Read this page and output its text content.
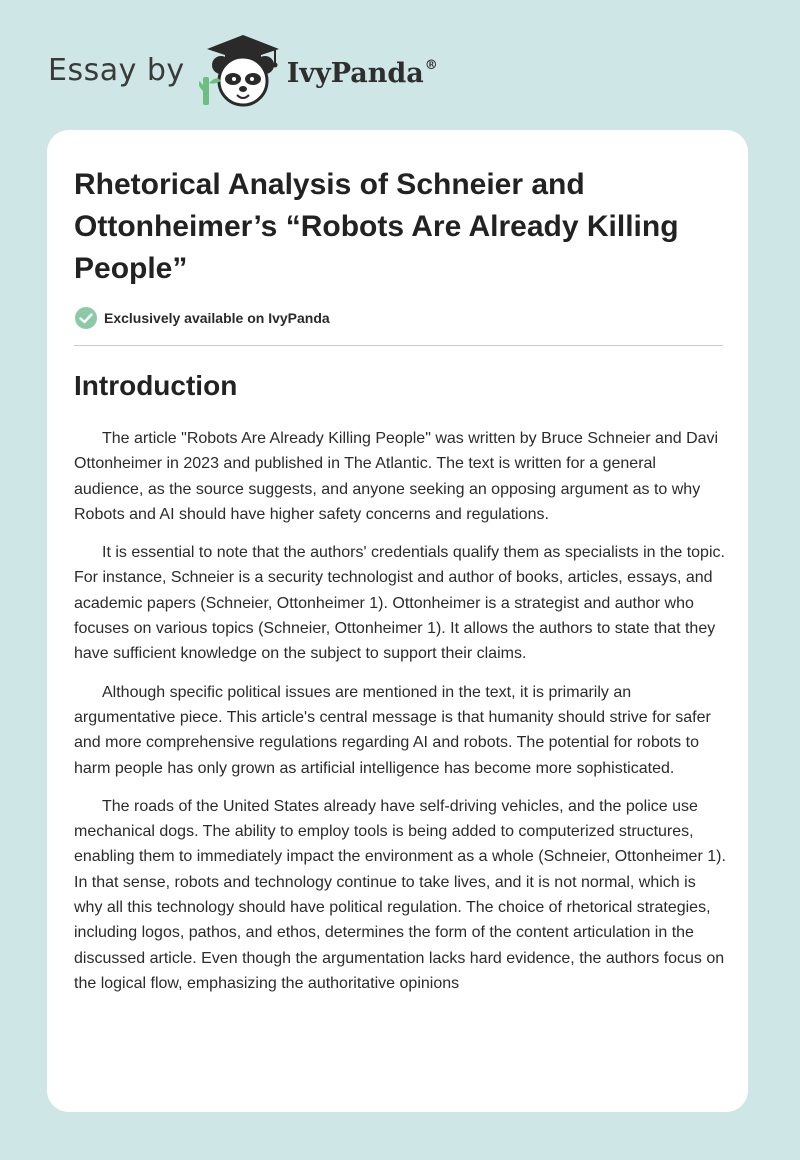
Essay by	IvyPanda®
Rhetorical Analysis of Schneier and Ottonheimer’s “Robots Are Already Killing People”
Exclusively available on IvyPanda
Introduction

The article "Robots Are Already Killing People" was written by Bruce Schneier and Davi Ottonheimer in 2023 and published in The Atlantic. The text is written for a general audience, as the source suggests, and anyone seeking an opposing argument as to why Robots and AI should have higher safety concerns and regulations.

It is essential to note that the authors' credentials qualify them as specialists in the topic. For instance, Schneier is a security technologist and author of books, articles, essays, and academic papers (Schneier, Ottonheimer 1). Ottonheimer is a strategist and author who focuses on various topics (Schneier, Ottonheimer 1). It allows the authors to state that they have sufficient knowledge on the subject to support their claims.

Although specific political issues are mentioned in the text, it is primarily an argumentative piece. This article's central message is that humanity should strive for safer and more comprehensive regulations regarding AI and robots. The potential for robots to harm people has only grown as artificial intelligence has become more sophisticated.

The roads of the United States already have self-driving vehicles, and the police use mechanical dogs. The ability to employ tools is being added to computerized structures, enabling them to immediately impact the environment as a whole (Schneier, Ottonheimer 1). In that sense, robots and technology continue to take lives, and it is not normal, which is why all this technology should have political regulation. The choice of rhetorical strategies, including logos, pathos, and ethos, determines the form of the content articulation in the discussed article. Even though the argumentation lacks hard evidence, the authors focus on the logical flow, emphasizing the authoritative opinions
